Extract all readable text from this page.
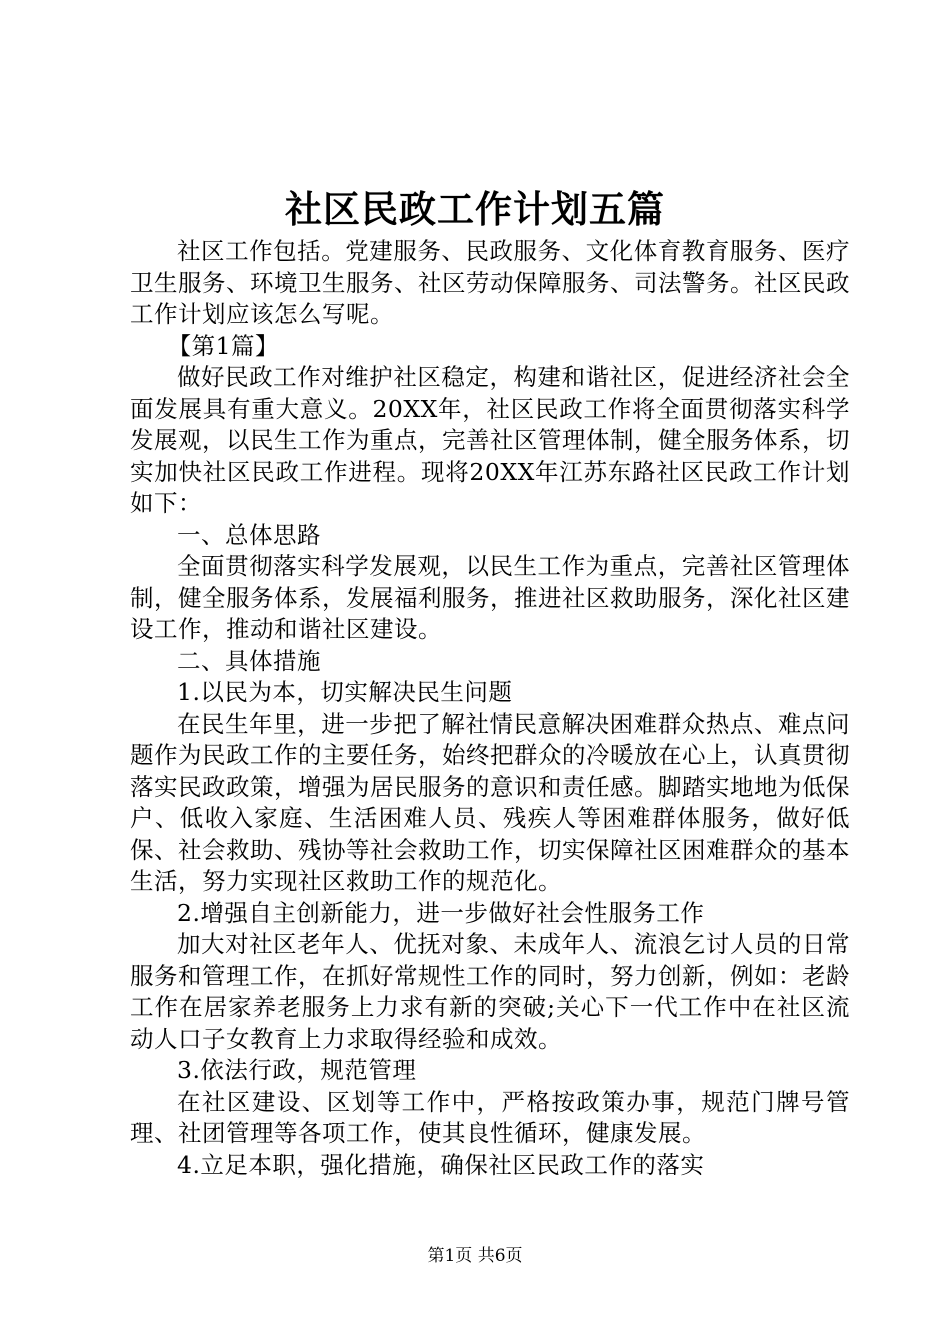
社区民政工作计划五篇

社区工作包括。党建服务、民政服务、文化体育教育服务、医疗卫生服务、环境卫生服务、社区劳动保障服务、司法警务。社区民政工作计划应该怎么写呢。

【第1篇】

做好民政工作对维护社区稳定，构建和谐社区，促进经济社会全面发展具有重大意义。20XX年，社区民政工作将全面贯彻落实科学发展观，以民生工作为重点，完善社区管理体制，健全服务体系，切实加快社区民政工作进程。现将20XX年江苏东路社区民政工作计划如下：

一、总体思路

全面贯彻落实科学发展观，以民生工作为重点，完善社区管理体制，健全服务体系，发展福利服务，推进社区救助服务，深化社区建设工作，推动和谐社区建设。

二、具体措施

1.以民为本，切实解决民生问题

在民生年里，进一步把了解社情民意解决困难群众热点、难点问题作为民政工作的主要任务，始终把群众的冷暖放在心上，认真贯彻落实民政政策，增强为居民服务的意识和责任感。脚踏实地地为低保户、低收入家庭、生活困难人员、残疾人等困难群体服务，做好低保、社会救助、残协等社会救助工作，切实保障社区困难群众的基本生活，努力实现社区救助工作的规范化。

2.增强自主创新能力，进一步做好社会性服务工作

加大对社区老年人、优抚对象、未成年人、流浪乞讨人员的日常服务和管理工作，在抓好常规性工作的同时，努力创新，例如：老龄工作在居家养老服务上力求有新的突破;关心下一代工作中在社区流动人口子女教育上力求取得经验和成效。

3.依法行政，规范管理

在社区建设、区划等工作中，严格按政策办事，规范门牌号管理、社团管理等各项工作，使其良性循环，健康发展。

4.立足本职，强化措施，确保社区民政工作的落实

第1页 共6页
